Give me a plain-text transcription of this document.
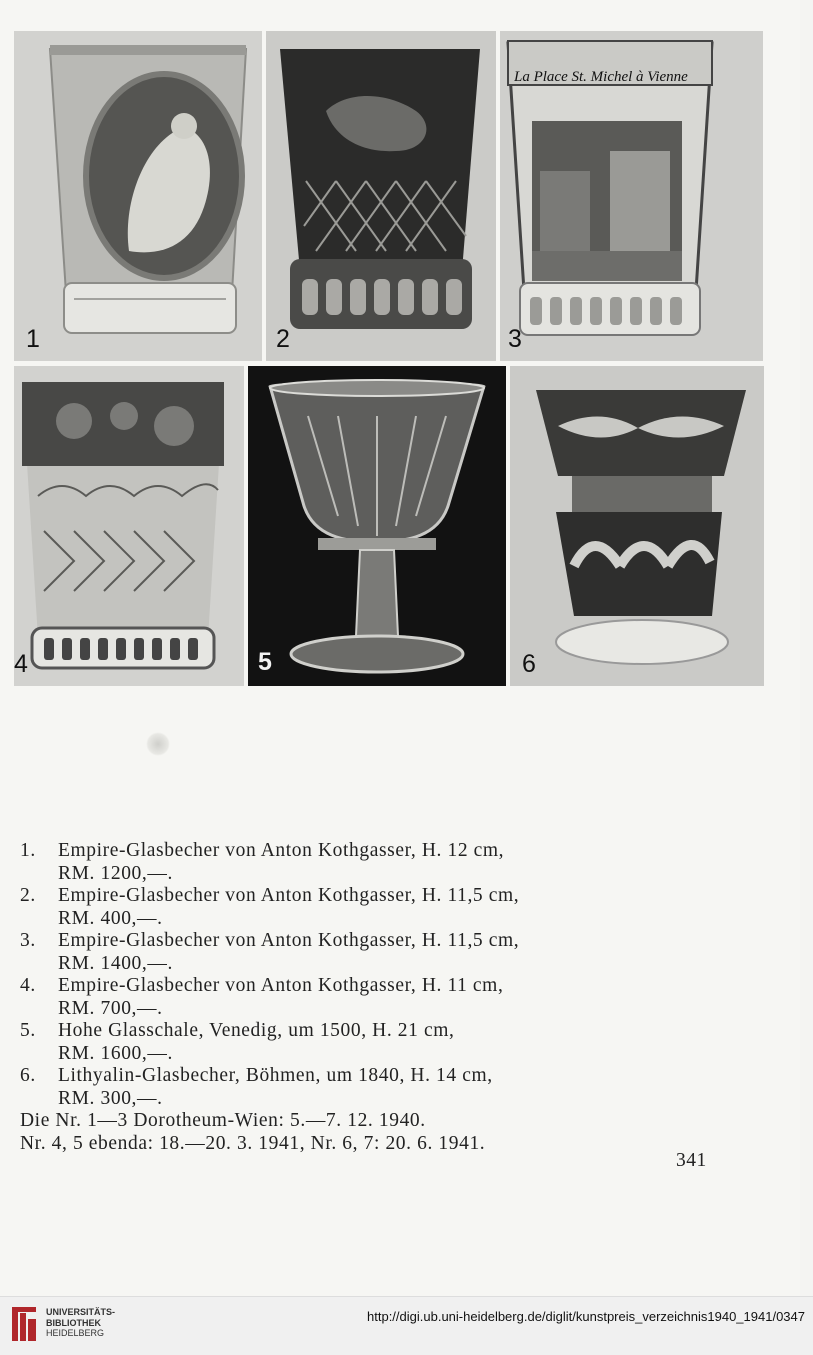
1	2
La Place St. Michel à Vienne
3
4	5	6
1.	Empire-Glasbecher von Anton Kothgasser, H. 12 cm,
RM. 1200,—.
2.	Empire-Glasbecher von Anton Kothgasser, H. 11,5 cm,
RM. 400,—.
3.	Empire-Glasbecher von Anton Kothgasser, H. 11,5 cm,
RM. 1400,—.
4.	Empire-Glasbecher von Anton Kothgasser, H. 11 cm,
RM. 700,—.
5.	Hohe Glasschale, Venedig, um 1500, H. 21 cm,
RM. 1600,—.
6.	Lithyalin-Glasbecher, Böhmen, um 1840, H. 14 cm,
RM. 300,—.
Die Nr. 1—3 Dorotheum-Wien: 5.—7. 12. 1940.
Nr. 4, 5 ebenda: 18.—20. 3. 1941, Nr. 6, 7: 20. 6. 1941.
341
UNIVERSITÄTS-
BIBLIOTHEK
HEIDELBERG
http://digi.ub.uni-heidelberg.de/diglit/kunstpreis_verzeichnis1940_1941/0347
